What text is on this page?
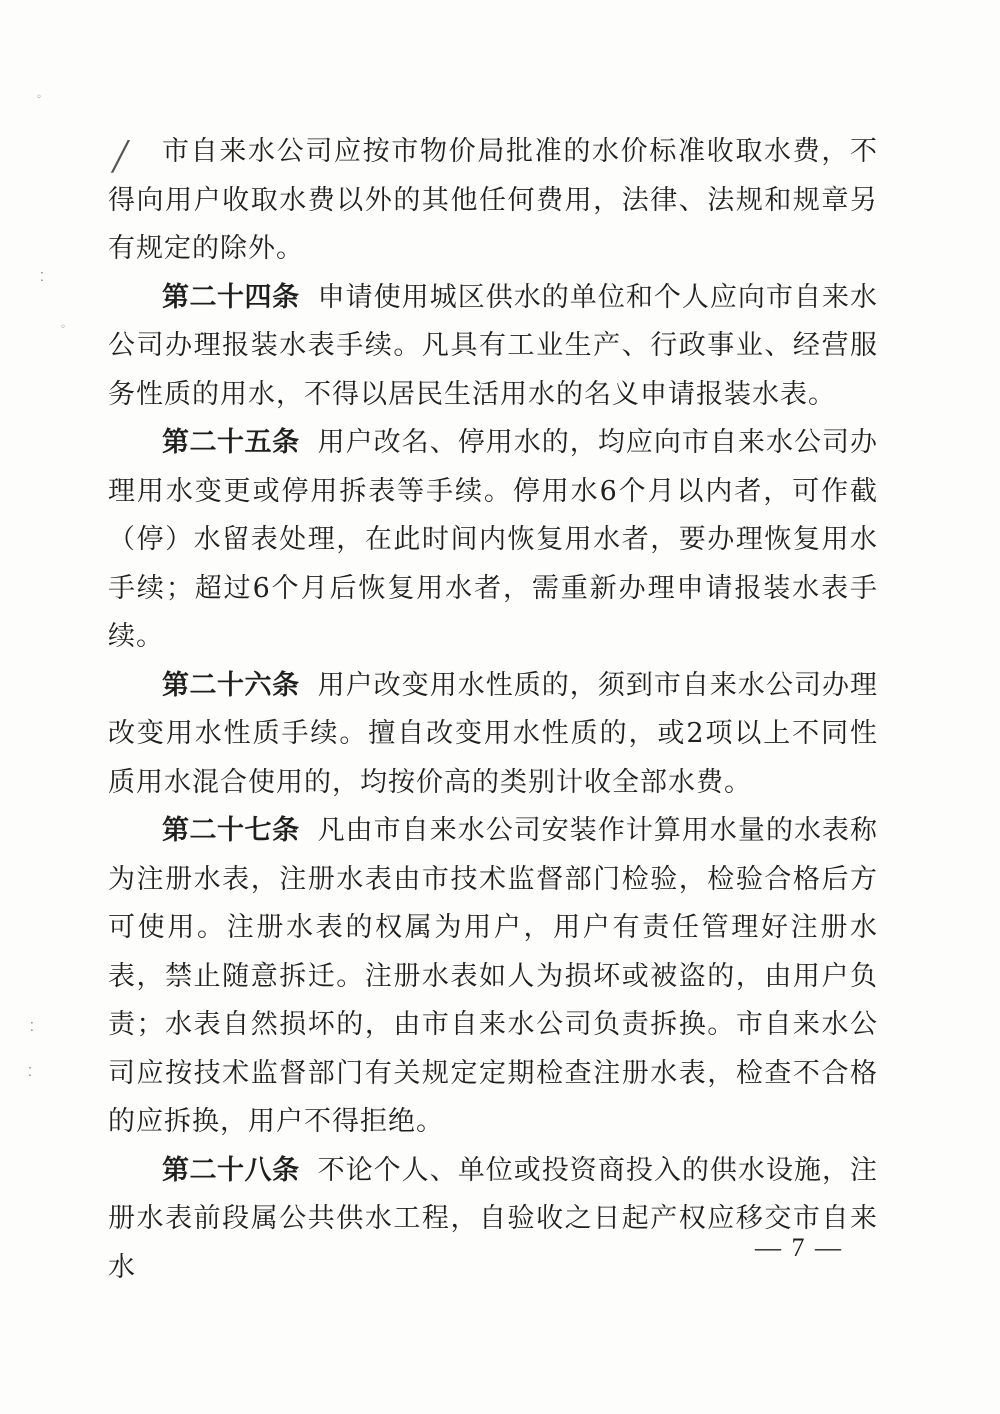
╱
◦
⁚
◦
⁚
⁚

市自来水公司应按市物价局批准的水价标准收取水费，不得向用户收取水费以外的其他任何费用，法律、法规和规章另有规定的除外。

第二十四条 申请使用城区供水的单位和个人应向市自来水公司办理报装水表手续。凡具有工业生产、行政事业、经营服务性质的用水，不得以居民生活用水的名义申请报装水表。

第二十五条 用户改名、停用水的，均应向市自来水公司办理用水变更或停用拆表等手续。停用水6个月以内者，可作截（停）水留表处理，在此时间内恢复用水者，要办理恢复用水手续；超过6个月后恢复用水者，需重新办理申请报装水表手续。

第二十六条 用户改变用水性质的，须到市自来水公司办理改变用水性质手续。擅自改变用水性质的，或2项以上不同性质用水混合使用的，均按价高的类别计收全部水费。

第二十七条 凡由市自来水公司安装作计算用水量的水表称为注册水表，注册水表由市技术监督部门检验，检验合格后方可使用。注册水表的权属为用户，用户有责任管理好注册水表，禁止随意拆迁。注册水表如人为损坏或被盗的，由用户负责；水表自然损坏的，由市自来水公司负责拆换。市自来水公司应按技术监督部门有关规定定期检查注册水表，检查不合格的应拆换，用户不得拒绝。

第二十八条 不论个人、单位或投资商投入的供水设施，注册水表前段属公共供水工程，自验收之日起产权应移交市自来水

— 7 —
